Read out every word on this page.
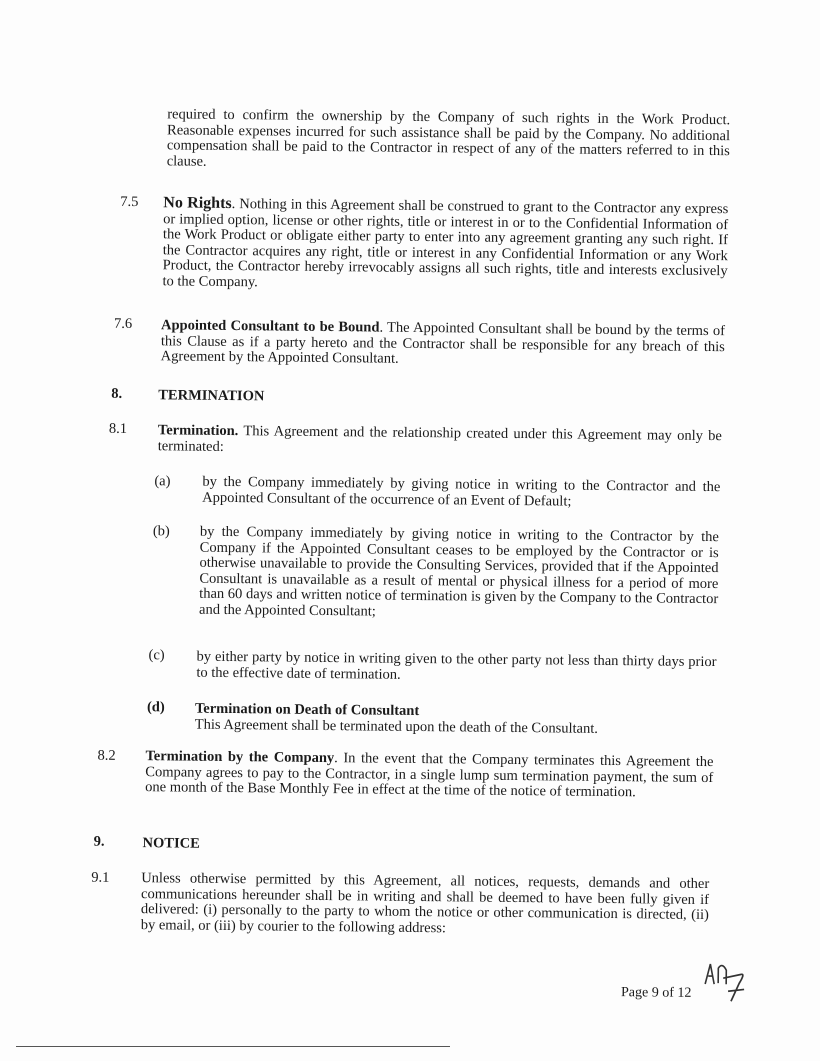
required to confirm the ownership by the Company of such rights in the Work Product. Reasonable expenses incurred for such assistance shall be paid by the Company. No additional compensation shall be paid to the Contractor in respect of any of the matters referred to in this clause.
7.5 No Rights. Nothing in this Agreement shall be construed to grant to the Contractor any express or implied option, license or other rights, title or interest in or to the Confidential Information of the Work Product or obligate either party to enter into any agreement granting any such right. If the Contractor acquires any right, title or interest in any Confidential Information or any Work Product, the Contractor hereby irrevocably assigns all such rights, title and interests exclusively to the Company.
7.6 Appointed Consultant to be Bound. The Appointed Consultant shall be bound by the terms of this Clause as if a party hereto and the Contractor shall be responsible for any breach of this Agreement by the Appointed Consultant.
8. TERMINATION
8.1 Termination. This Agreement and the relationship created under this Agreement may only be terminated:
(a) by the Company immediately by giving notice in writing to the Contractor and the Appointed Consultant of the occurrence of an Event of Default;
(b) by the Company immediately by giving notice in writing to the Contractor by the Company if the Appointed Consultant ceases to be employed by the Contractor or is otherwise unavailable to provide the Consulting Services, provided that if the Appointed Consultant is unavailable as a result of mental or physical illness for a period of more than 60 days and written notice of termination is given by the Company to the Contractor and the Appointed Consultant;
(c) by either party by notice in writing given to the other party not less than thirty days prior to the effective date of termination.
(d) Termination on Death of Consultant
This Agreement shall be terminated upon the death of the Consultant.
8.2 Termination by the Company. In the event that the Company terminates this Agreement the Company agrees to pay to the Contractor, in a single lump sum termination payment, the sum of one month of the Base Monthly Fee in effect at the time of the notice of termination.
9.	NOTICE
9.1 Unless otherwise permitted by this Agreement, all notices, requests, demands and other communications hereunder shall be in writing and shall be deemed to have been fully given if delivered: (i) personally to the party to whom the notice or other communication is directed, (ii) by email, or (iii) by courier to the following address:
Page 9 of 12
